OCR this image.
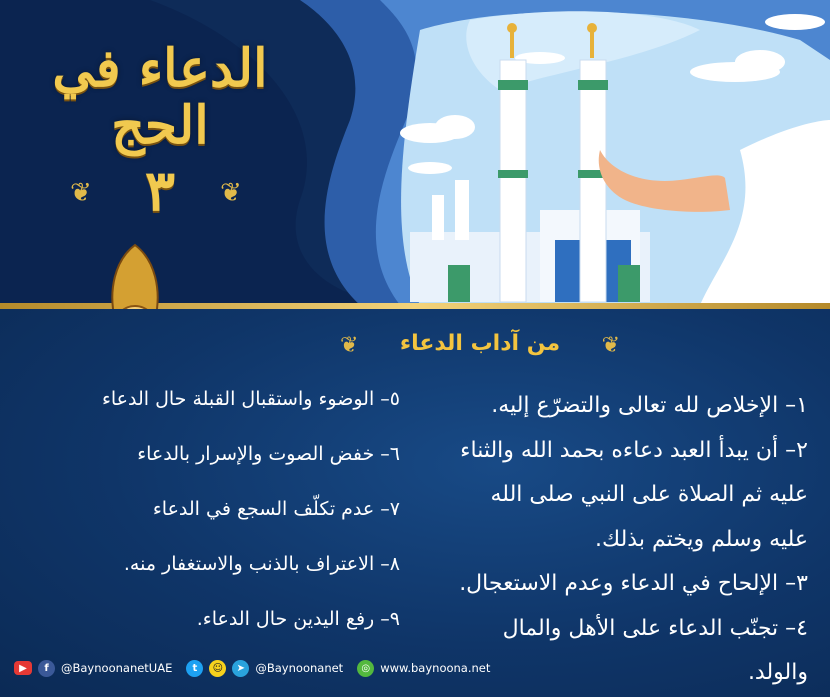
الدعاء في الحج
٣
❦	❦
❦	من آداب الدعاء	❦
١– الإخلاص لله تعالى والتضرّع إليه.
٢– أن يبدأ العبد دعاءه بحمد الله والثناء
عليه ثم الصلاة على النبي صلى الله
عليه وسلم ويختم بذلك.
٣– الإلحاح في الدعاء وعدم الاستعجال.
٤– تجنّب الدعاء على الأهل والمال
والولد.
٥– الوضوء واستقبال القبلة حال الدعاء
٦– خفض الصوت والإسرار بالدعاء
٧– عدم تكلّف السجع في الدعاء
٨– الاعتراف بالذنب والاستغفار منه.
٩– رفع اليدين حال الدعاء.
▶	f	@BaynoonanetUAE	t	☺	➤ @Baynoonanet	◎ www.baynoona.net
